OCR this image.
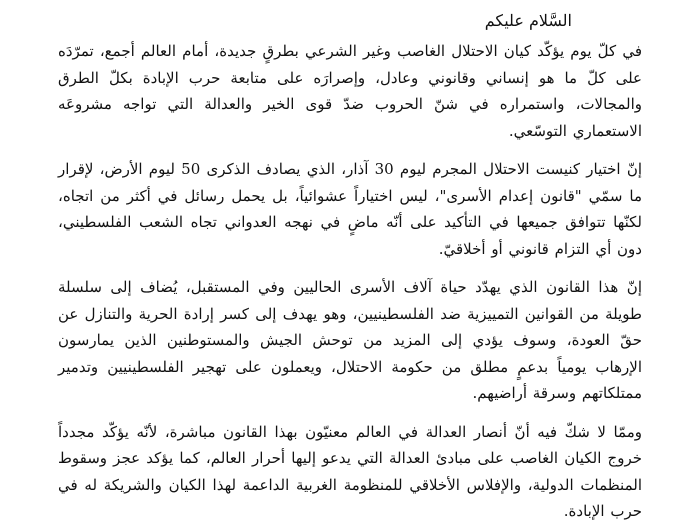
السَّلام عليكم

في كلّ يوم يؤكّد كيان الاحتلال الغاصب وغير الشرعي بطرقٍ جديدة، أمام العالم أجمع، تمرّدَه على كلّ ما هو إنساني وقانوني وعادل، وإصرارَه على متابعة حرب الإبادة بكلّ الطرق والمجالات، واستمراره في شنّ الحروب ضدّ قوى الخير والعدالة التي تواجه مشروعَه الاستعماري التوسّعي.

إنّ اختيار كنيست الاحتلال المجرم ليوم 30 آذار، الذي يصادف الذكرى 50 ليوم الأرض، لإقرار ما سمّي "قانون إعدام الأسرى"، ليس اختياراً عشوائياً، بل يحمل رسائل في أكثر من اتجاه، لكنّها تتوافق جميعها في التأكيد على أنّه ماضٍ في نهجه العدواني تجاه الشعب الفلسطيني، دون أي التزام قانوني أو أخلاقيّ.

إنّ هذا القانون الذي يهدّد حياة آلاف الأسرى الحاليين وفي المستقبل، يُضاف إلى سلسلة طويلة من القوانين التمييزية ضد الفلسطينيين، وهو يهدف إلى كسر إرادة الحرية والتنازل عن حقّ العودة، وسوف يؤدي إلى المزيد من توحش الجيش والمستوطنين الذين يمارسون الإرهاب يومياً بدعمٍ مطلق من حكومة الاحتلال، ويعملون على تهجير الفلسطينيين وتدمير ممتلكاتهم وسرقة أراضيهم.

وممّا لا شكّ فيه أنّ أنصار العدالة في العالم معنيّون بهذا القانون مباشرة، لأنّه يؤكّد مجدداً خروج الكيان الغاصب على مبادئ العدالة التي يدعو إليها أحرار العالم، كما يؤكد عجز وسقوط المنظمات الدولية، والإفلاس الأخلاقي للمنظومة الغربية الداعمة لهذا الكيان والشريكة له في حرب الإبادة.
